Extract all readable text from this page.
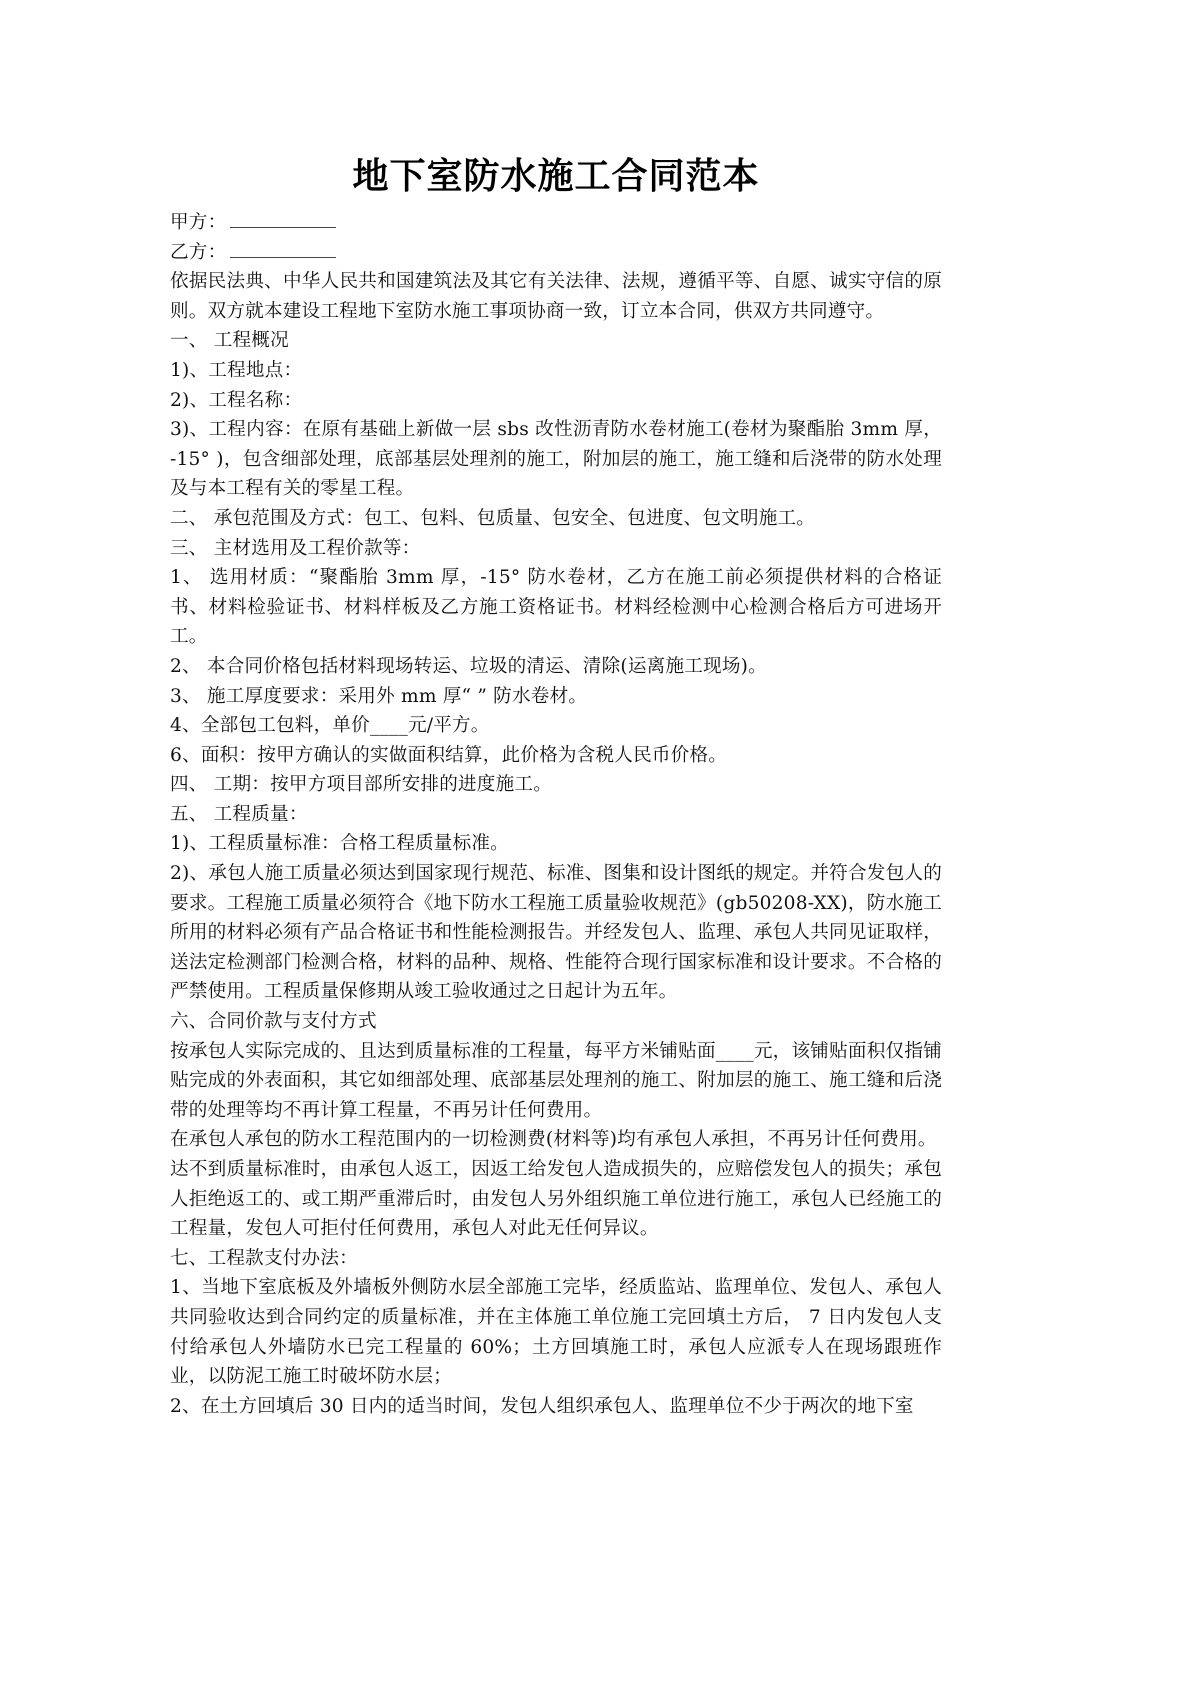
地下室防水施工合同范本

甲方：

乙方：

依据民法典、中华人民共和国建筑法及其它有关法律、法规，遵循平等、自愿、诚实守信的原则。双方就本建设工程地下室防水施工事项协商一致，订立本合同，供双方共同遵守。

一、 工程概况

1)、工程地点：

2)、工程名称：

3)、工程内容：在原有基础上新做一层 sbs 改性沥青防水卷材施工(卷材为聚酯胎 3mm 厚，-15° )，包含细部处理，底部基层处理剂的施工，附加层的施工，施工缝和后浇带的防水处理及与本工程有关的零星工程。

二、 承包范围及方式：包工、包料、包质量、包安全、包进度、包文明施工。

三、 主材选用及工程价款等：

1、 选用材质：“聚酯胎 3mm 厚，-15° 防水卷材，乙方在施工前必须提供材料的合格证书、材料检验证书、材料样板及乙方施工资格证书。材料经检测中心检测合格后方可进场开工。

2、 本合同价格包括材料现场转运、垃圾的清运、清除(运离施工现场)。

3、 施工厚度要求：采用外 mm 厚“ ” 防水卷材。

4、全部包工包料，单价____元/平方。

6、面积：按甲方确认的实做面积结算，此价格为含税人民币价格。

四、 工期：按甲方项目部所安排的进度施工。

五、 工程质量：

1)、工程质量标准：合格工程质量标准。

2)、承包人施工质量必须达到国家现行规范、标准、图集和设计图纸的规定。并符合发包人的要求。工程施工质量必须符合《地下防水工程施工质量验收规范》(gb50208-XX)，防水施工所用的材料必须有产品合格证书和性能检测报告。并经发包人、监理、承包人共同见证取样，送法定检测部门检测合格，材料的品种、规格、性能符合现行国家标准和设计要求。不合格的严禁使用。工程质量保修期从竣工验收通过之日起计为五年。

六、合同价款与支付方式

按承包人实际完成的、且达到质量标准的工程量，每平方米铺贴面____元，该铺贴面积仅指铺贴完成的外表面积，其它如细部处理、底部基层处理剂的施工、附加层的施工、施工缝和后浇带的处理等均不再计算工程量，不再另计任何费用。

在承包人承包的防水工程范围内的一切检测费(材料等)均有承包人承担，不再另计任何费用。

达不到质量标准时，由承包人返工，因返工给发包人造成损失的，应赔偿发包人的损失；承包人拒绝返工的、或工期严重滞后时，由发包人另外组织施工单位进行施工，承包人已经施工的工程量，发包人可拒付任何费用，承包人对此无任何异议。

七、工程款支付办法：

1、当地下室底板及外墙板外侧防水层全部施工完毕，经质监站、监理单位、发包人、承包人共同验收达到合同约定的质量标准，并在主体施工单位施工完回填土方后， 7 日内发包人支付给承包人外墙防水已完工程量的 60%；土方回填施工时，承包人应派专人在现场跟班作业，以防泥工施工时破坏防水层；

2、在土方回填后 30 日内的适当时间，发包人组织承包人、监理单位不少于两次的地下室
